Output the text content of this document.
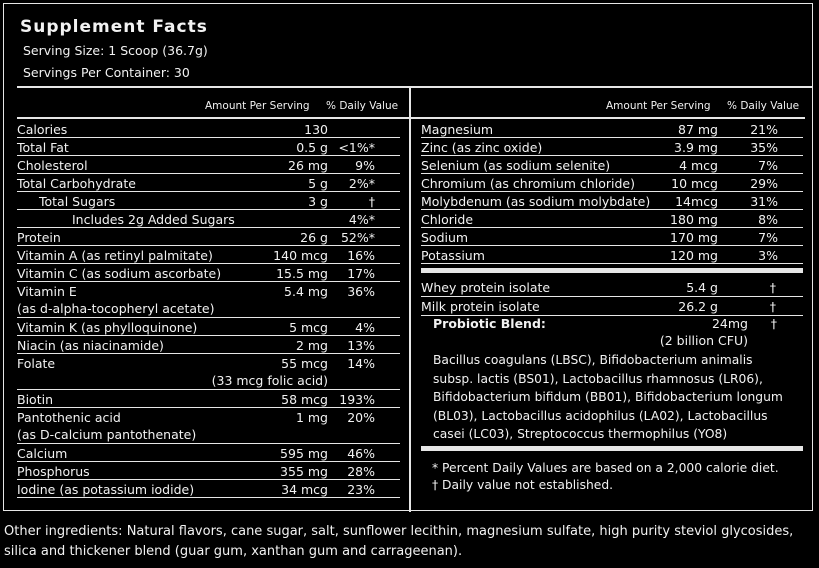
Supplement Facts
Serving Size: 1 Scoop (36.7g)
Servings Per Container: 30
Amount Per Serving % Daily Value	Amount Per Serving % Daily Value
Calories	130
Total Fat	0.5 g <1%*
Cholesterol	26 mg 9%
Total Carbohydrate	5 g 2%*
Total Sugars	3 g	†
Includes 2g Added Sugars	4%*
Protein	26 g 52%*
Vitamin A (as retinyl palmitate)	140 mcg 16%
Vitamin C (as sodium ascorbate)	15.5 mg 17%
Vitamin E	5.4 mg 36%
(as d-alpha-tocopheryl acetate)
Vitamin K (as phylloquinone)	5 mcg 4%
Niacin (as niacinamide)	2 mg 13%
Folate	55 mcg 14%
(33 mcg folic acid)
Biotin	58 mcg 193%
Pantothenic acid	1 mg 20%
(as D-calcium pantothenate)
Calcium	595 mg 46%
Phosphorus	355 mg 28%
Iodine (as potassium iodide)	34 mcg 23%
Magnesium	87 mg	21%
Zinc (as zinc oxide)	3.9 mg	35%
Selenium (as sodium selenite)	4 mcg	7%
Chromium (as chromium chloride)	10 mcg	29%
Molybdenum (as sodium molybdate) 14mcg	31%
Chloride	180 mg	8%
Sodium	170 mg	7%
Potassium	120 mg	3%
Whey protein isolate	5.4 g	†
Milk protein isolate	26.2 g	†
Probiotic Blend:	24mg †
(2 billion CFU)
Bacillus coagulans (LBSC), Bifidobacterium animalis subsp. lactis (BS01), Lactobacillus rhamnosus (LR06), Bifidobacterium bifidum (BB01), Bifidobacterium longum (BL03), Lactobacillus acidophilus (LA02), Lactobacillus casei (LC03), Streptococcus thermophilus (YO8)
* Percent Daily Values are based on a 2,000 calorie diet.
† Daily value not established.
Other ingredients: Natural flavors, cane sugar, salt, sunflower lecithin, magnesium sulfate, high purity steviol glycosides, silica and thickener blend (guar gum, xanthan gum and carrageenan).
